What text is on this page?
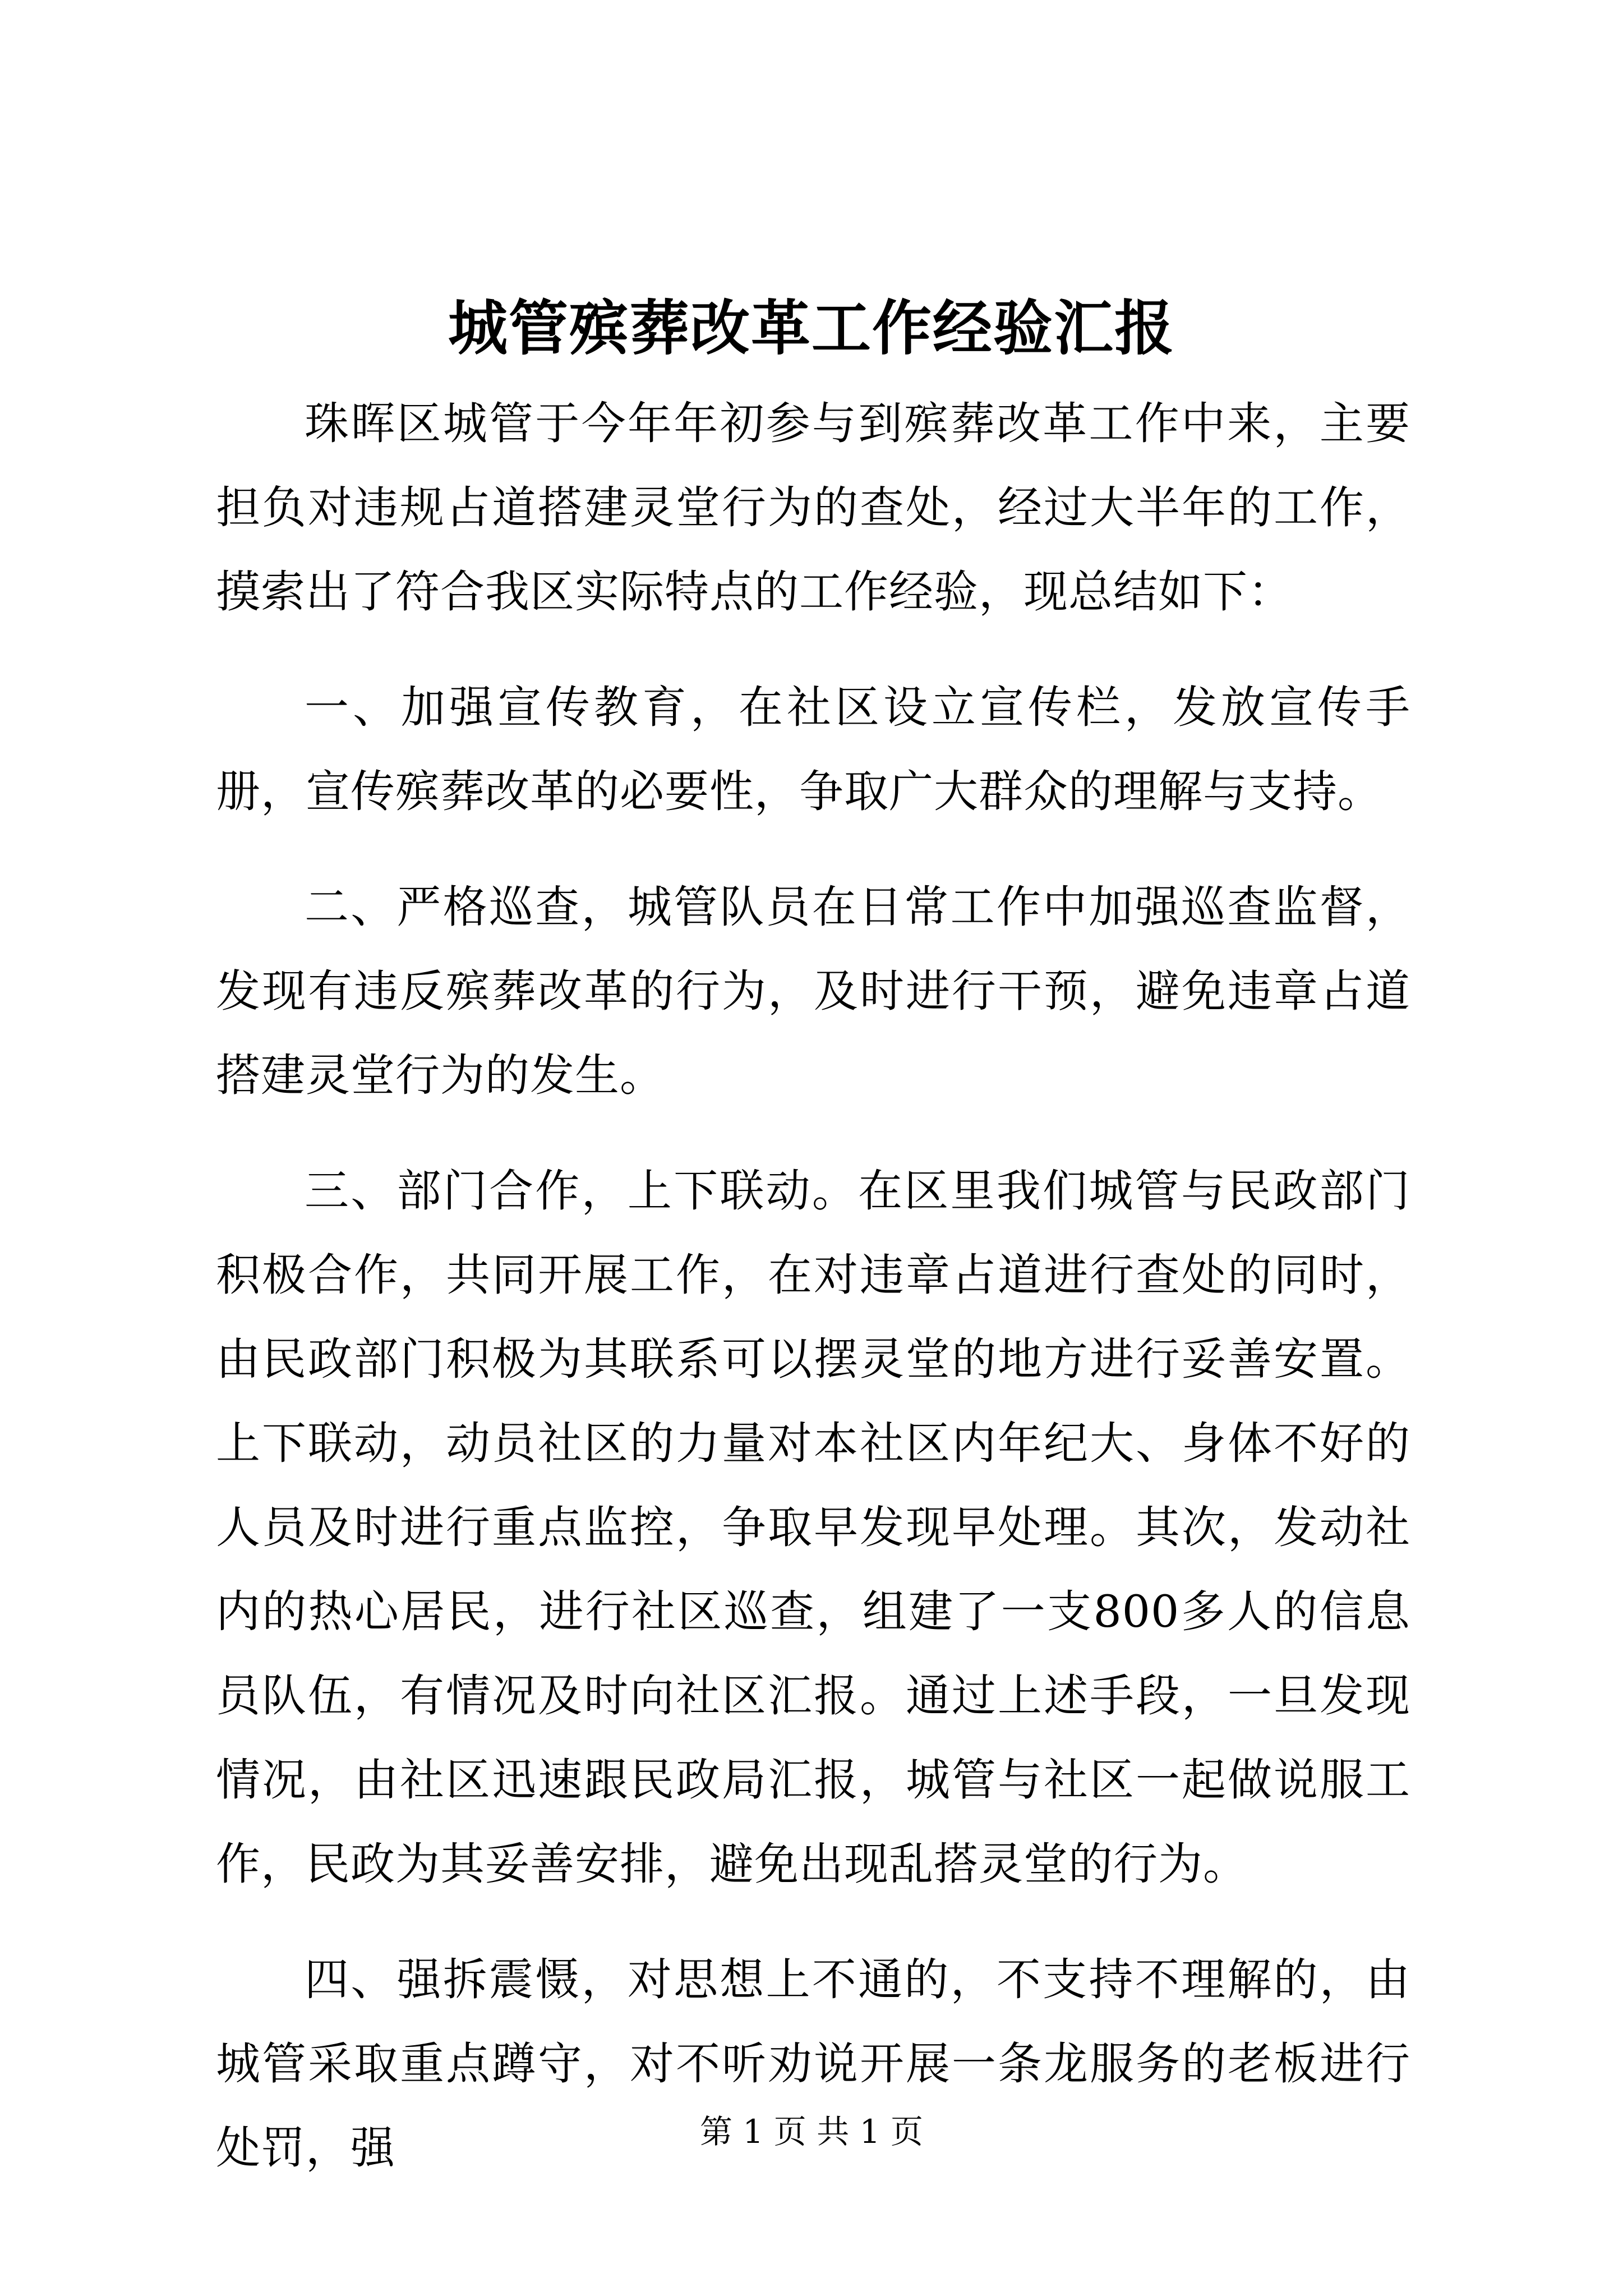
城管殡葬改革工作经验汇报

珠晖区城管于今年年初参与到殡葬改革工作中来，主要担负对违规占道搭建灵堂行为的查处，经过大半年的工作，摸索出了符合我区实际特点的工作经验，现总结如下：

一、加强宣传教育，在社区设立宣传栏，发放宣传手册，宣传殡葬改革的必要性，争取广大群众的理解与支持。

二、严格巡查，城管队员在日常工作中加强巡查监督，发现有违反殡葬改革的行为，及时进行干预，避免违章占道搭建灵堂行为的发生。

三、部门合作，上下联动。在区里我们城管与民政部门积极合作，共同开展工作，在对违章占道进行查处的同时，由民政部门积极为其联系可以摆灵堂的地方进行妥善安置。上下联动，动员社区的力量对本社区内年纪大、身体不好的人员及时进行重点监控，争取早发现早处理。其次，发动社内的热心居民，进行社区巡查，组建了一支800多人的信息员队伍，有情况及时向社区汇报。通过上述手段，一旦发现情况，由社区迅速跟民政局汇报，城管与社区一起做说服工作，民政为其妥善安排，避免出现乱搭灵堂的行为。

四、强拆震慑，对思想上不通的，不支持不理解的，由城管采取重点蹲守，对不听劝说开展一条龙服务的老板进行处罚，强	第 1 页 共 1 页
